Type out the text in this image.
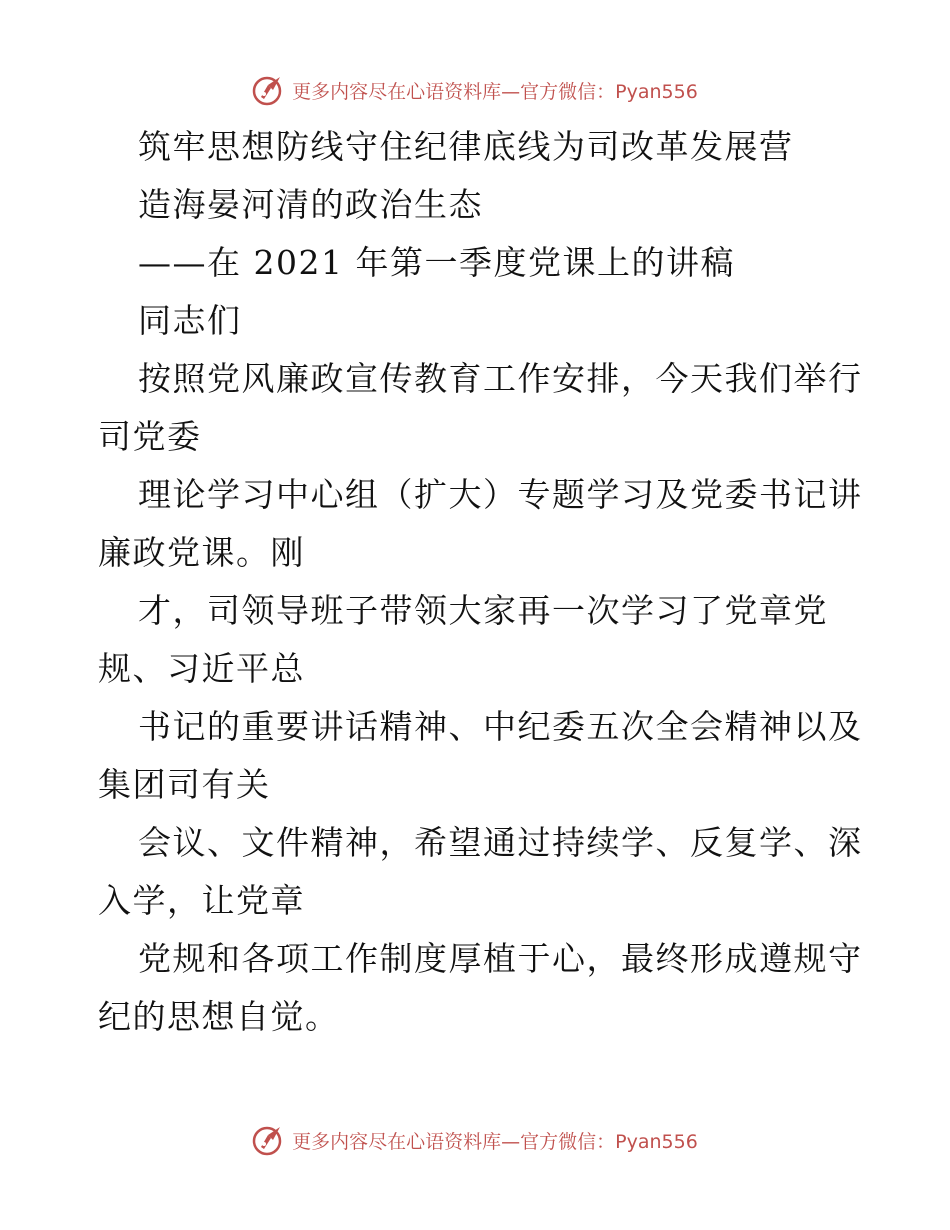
更多内容尽在心语资料库—官方微信：Pyan556
筑牢思想防线守住纪律底线为司改革发展营
造海晏河清的政治生态
——在 2021 年第一季度党课上的讲稿
同志们
按照党风廉政宣传教育工作安排，今天我们举行
司党委
理论学习中心组（扩大）专题学习及党委书记讲
廉政党课。刚
才，司领导班子带领大家再一次学习了党章党
规、习近平总
书记的重要讲话精神、中纪委五次全会精神以及
集团司有关
会议、文件精神，希望通过持续学、反复学、深
入学，让党章
党规和各项工作制度厚植于心，最终形成遵规守
纪的思想自觉。
更多内容尽在心语资料库—官方微信：Pyan556
